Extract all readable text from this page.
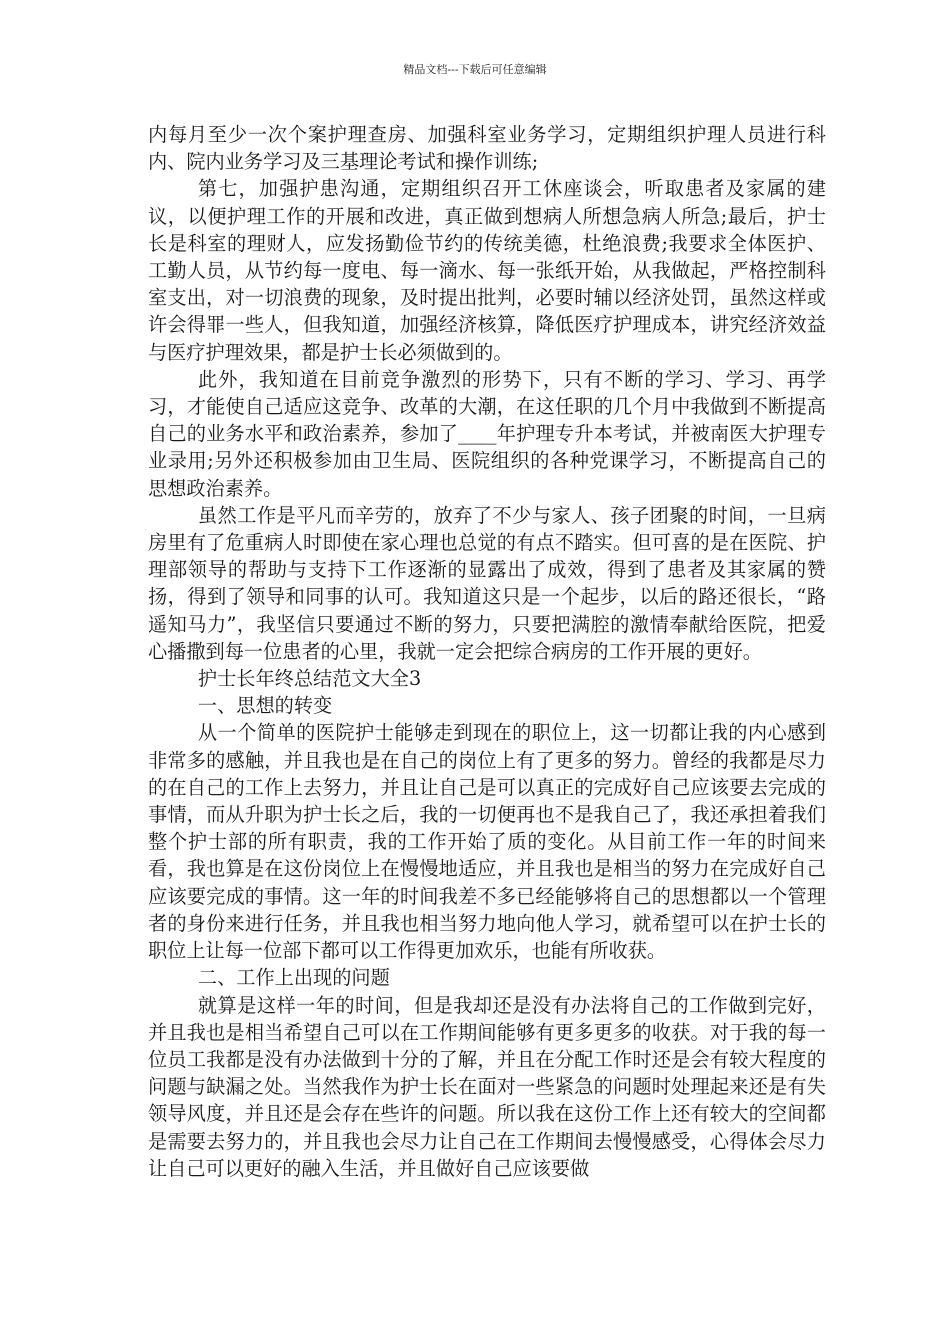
精品文档---下载后可任意编辑

内每月至少一次个案护理查房、加强科室业务学习，定期组织护理人员进行科内、院内业务学习及三基理论考试和操作训练;

第七，加强护患沟通，定期组织召开工休座谈会，听取患者及家属的建议，以便护理工作的开展和改进，真正做到想病人所想急病人所急;最后，护士长是科室的理财人，应发扬勤俭节约的传统美德，杜绝浪费;我要求全体医护、工勤人员，从节约每一度电、每一滴水、每一张纸开始，从我做起，严格控制科室支出，对一切浪费的现象，及时提出批判，必要时辅以经济处罚，虽然这样或许会得罪一些人，但我知道，加强经济核算，降低医疗护理成本，讲究经济效益与医疗护理效果，都是护士长必须做到的。

此外，我知道在目前竞争激烈的形势下，只有不断的学习、学习、再学习，才能使自己适应这竞争、改革的大潮，在这任职的几个月中我做到不断提高自己的业务水平和政治素养，参加了____年护理专升本考试，并被南医大护理专业录用;另外还积极参加由卫生局、医院组织的各种党课学习，不断提高自己的思想政治素养。

虽然工作是平凡而辛劳的，放弃了不少与家人、孩子团聚的时间，一旦病房里有了危重病人时即使在家心理也总觉的有点不踏实。但可喜的是在医院、护理部领导的帮助与支持下工作逐渐的显露出了成效，得到了患者及其家属的赞扬，得到了领导和同事的认可。我知道这只是一个起步，以后的路还很长，“路遥知马力”，我坚信只要通过不断的努力，只要把满腔的激情奉献给医院，把爱心播撒到每一位患者的心里，我就一定会把综合病房的工作开展的更好。

护士长年终总结范文大全3

一、思想的转变

从一个简单的医院护士能够走到现在的职位上，这一切都让我的内心感到非常多的感触，并且我也是在自己的岗位上有了更多的努力。曾经的我都是尽力的在自己的工作上去努力，并且让自己是可以真正的完成好自己应该要去完成的事情，而从升职为护士长之后，我的一切便再也不是我自己了，我还承担着我们整个护士部的所有职责，我的工作开始了质的变化。从目前工作一年的时间来看，我也算是在这份岗位上在慢慢地适应，并且我也是相当的努力在完成好自己应该要完成的事情。这一年的时间我差不多已经能够将自己的思想都以一个管理者的身份来进行任务，并且我也相当努力地向他人学习，就希望可以在护士长的职位上让每一位部下都可以工作得更加欢乐，也能有所收获。

二、工作上出现的问题

就算是这样一年的时间，但是我却还是没有办法将自己的工作做到完好，并且我也是相当希望自己可以在工作期间能够有更多更多的收获。对于我的每一位员工我都是没有办法做到十分的了解，并且在分配工作时还是会有较大程度的问题与缺漏之处。当然我作为护士长在面对一些紧急的问题时处理起来还是有失领导风度，并且还是会存在些许的问题。所以我在这份工作上还有较大的空间都是需要去努力的，并且我也会尽力让自己在工作期间去慢慢感受，心得体会尽力让自己可以更好的融入生活，并且做好自己应该要做
